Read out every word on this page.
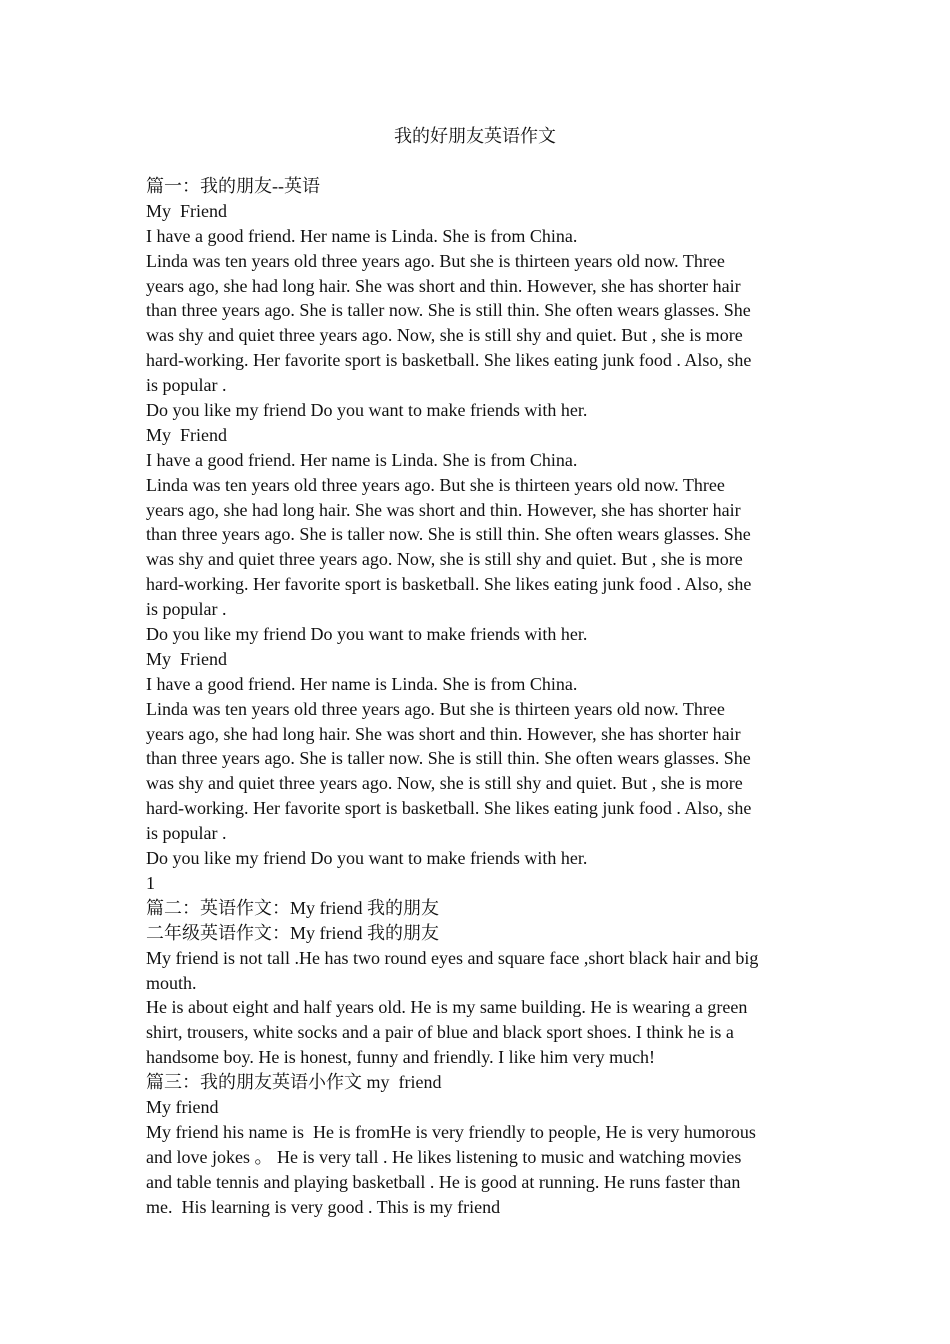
我的好朋友英语作文
篇一：我的朋友--英语
My  Friend
I have a good friend. Her name is Linda. She is from China.
Linda was ten years old three years ago. But she is thirteen years old now. Three
years ago, she had long hair. She was short and thin. However, she has shorter hair
than three years ago. She is taller now. She is still thin. She often wears glasses. She
was shy and quiet three years ago. Now, she is still shy and quiet. But , she is more
hard-working. Her favorite sport is basketball. She likes eating junk food . Also, she
is popular .
Do you like my friend Do you want to make friends with her.
My  Friend
I have a good friend. Her name is Linda. She is from China.
Linda was ten years old three years ago. But she is thirteen years old now. Three
years ago, she had long hair. She was short and thin. However, she has shorter hair
than three years ago. She is taller now. She is still thin. She often wears glasses. She
was shy and quiet three years ago. Now, she is still shy and quiet. But , she is more
hard-working. Her favorite sport is basketball. She likes eating junk food . Also, she
is popular .
Do you like my friend Do you want to make friends with her.
My  Friend
I have a good friend. Her name is Linda. She is from China.
Linda was ten years old three years ago. But she is thirteen years old now. Three
years ago, she had long hair. She was short and thin. However, she has shorter hair
than three years ago. She is taller now. She is still thin. She often wears glasses. She
was shy and quiet three years ago. Now, she is still shy and quiet. But , she is more
hard-working. Her favorite sport is basketball. She likes eating junk food . Also, she
is popular .
Do you like my friend Do you want to make friends with her.
1
篇二：英语作文：My friend 我的朋友
二年级英语作文：My friend 我的朋友
My friend is not tall .He has two round eyes and square face ,short black hair and big
mouth.
He is about eight and half years old. He is my same building. He is wearing a green
shirt, trousers, white socks and a pair of blue and black sport shoes. I think he is a
handsome boy. He is honest, funny and friendly. I like him very much!
篇三：我的朋友英语小作文 my  friend
My friend
My friend his name is  He is fromHe is very friendly to people, He is very humorous
and love jokes 。 He is very tall . He likes listening to music and watching movies
and table tennis and playing basketball . He is good at running. He runs faster than
me.  His learning is very good . This is my friend
